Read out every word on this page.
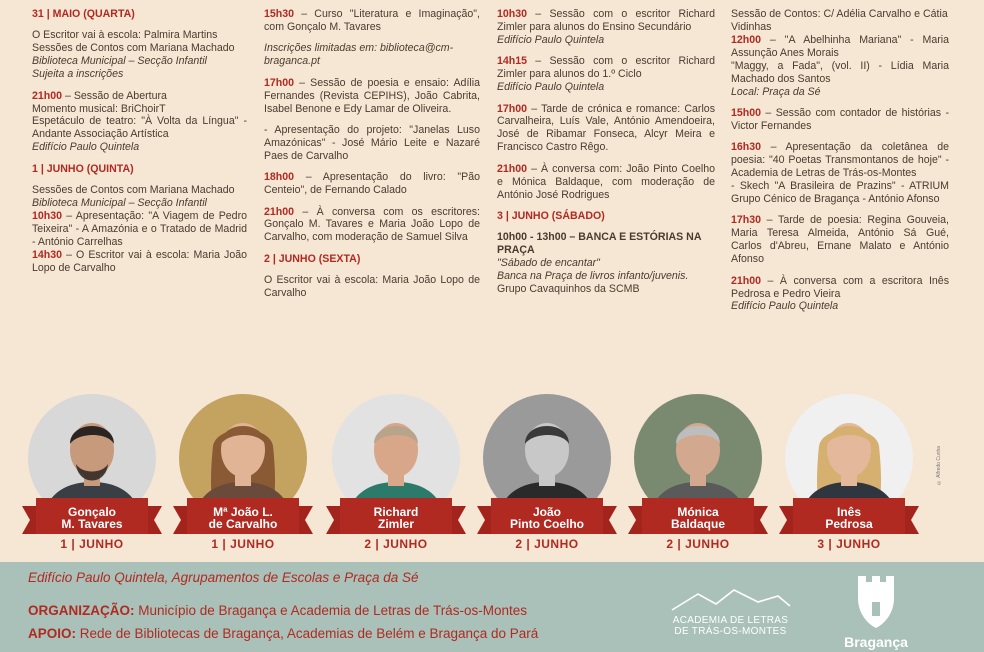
31 | MAIO (QUARTA)

O Escritor vai à escola: Palmira Martins

Sessões de Contos com Mariana Machado

Biblioteca Municipal – Secção Infantil

Sujeita a inscrições

21h00 – Sessão de Abertura

Momento musical: BriChoirT

Espetáculo de teatro: "À Volta da Língua" - Andante Associação Artística

Edifício Paulo Quintela

1 | JUNHO (QUINTA)

Sessões de Contos com Mariana Machado

Biblioteca Municipal – Secção Infantil

10h30 – Apresentação: "A Viagem de Pedro Teixeira" - A Amazónia e o Tratado de Madrid - António Carrelhas

14h30 – O Escritor vai à escola: Maria João Lopo de Carvalho

15h30 – Curso "Literatura e Imaginação", com Gonçalo M. Tavares

Inscrições limitadas em: biblioteca@cm-braganca.pt

17h00 – Sessão de poesia e ensaio: Adília Fernandes (Revista CEPIHS), João Cabrita, Isabel Benone e Edy Lamar de Oliveira.

- Apresentação do projeto: "Janelas Luso Amazónicas" - José Mário Leite e Nazaré Paes de Carvalho

18h00 – Apresentação do livro: "Pão Centeio", de Fernando Calado

21h00 – À conversa com os escritores: Gonçalo M. Tavares e Maria João Lopo de Carvalho, com moderação de Samuel Silva

2 | JUNHO (SEXTA)

O Escritor vai à escola: Maria João Lopo de Carvalho

10h30 – Sessão com o escritor Richard Zimler para alunos do Ensino Secundário

Edifício Paulo Quintela

14h15 – Sessão com o escritor Richard Zimler para alunos do 1.º Ciclo

Edifício Paulo Quintela

17h00 – Tarde de crónica e romance: Carlos Carvalheira, Luís Vale, António Amendoeira, José de Ribamar Fonseca, Alcyr Meira e Francisco Castro Rêgo.

21h00 – À conversa com: João Pinto Coelho e Mónica Baldaque, com moderação de António José Rodrigues

3 | JUNHO (SÁBADO)

10h00 - 13h00 – BANCA E ESTÓRIAS NA PRAÇA

"Sábado de encantar"

Banca na Praça de livros infanto/juvenis.

Grupo Cavaquinhos da SCMB

Sessão de Contos: C/ Adélia Carvalho e Cátia Vidinhas

12h00 – "A Abelhinha Mariana" - Maria Assunção Anes Morais

"Maggy, a Fada", (vol. II) - Lídia Maria Machado dos Santos

Local: Praça da Sé

15h00 – Sessão com contador de histórias - Victor Fernandes

16h30 – Apresentação da coletânea de poesia: "40 Poetas Transmontanos de hoje" - Academia de Letras de Trás-os-Montes

- Skech "A Brasileira de Prazins" - ATRIUM Grupo Cénico de Bragança - António Afonso

17h30 – Tarde de poesia: Regina Gouveia, Maria Teresa Almeida, António Sá Gué, Carlos d'Abreu, Ernane Malato e António Afonso

21h00 – À conversa com a escritora Inês Pedrosa e Pedro Vieira

Edifício Paulo Quintela

Gonçalo
M. Tavares
1 | JUNHO
Mª João L.
de Carvalho
1 | JUNHO
Richard
Zimler
2 | JUNHO
João
Pinto Coelho
2 | JUNHO
Mónica
Baldaque
2 | JUNHO
Inês
Pedrosa
3 | JUNHO
© Alfredo Cunha
Edifício Paulo Quintela, Agrupamentos de Escolas e Praça da Sé
ORGANIZAÇÃO: Município de Bragança e Academia de Letras de Trás-os-Montes
APOIO: Rede de Bibliotecas de Bragança, Academias de Belém e Bragança do Pará
ACADEMIA DE LETRAS
DE TRÁS-OS-MONTES
Bragança
